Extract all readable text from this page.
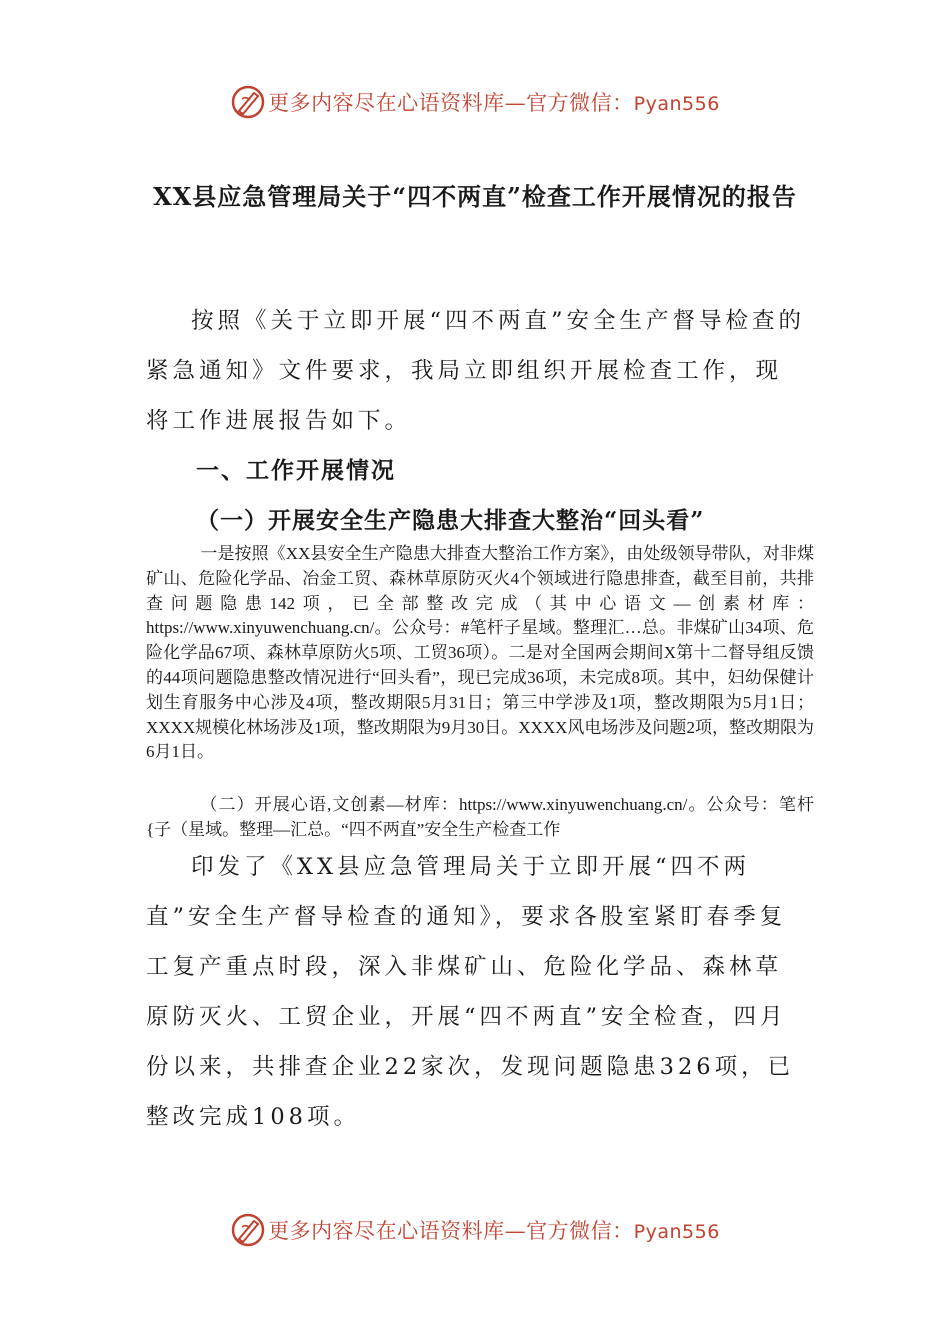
更多内容尽在心语资料库—官方微信：Pyan556
XX县应急管理局关于“四不两直”检查工作开展情况的报告
按照《关于立即开展“四不两直”安全生产督导检查的紧急通知》文件要求，我局立即组织开展检查工作，现将工作进展报告如下。
一、工作开展情况
（一）开展安全生产隐患大排查大整治“回头看”
一是按照《XX县安全生产隐患大排查大整治工作方案》，由处级领导带队，对非煤矿山、危险化学品、冶金工贸、森林草原防灭火4个领域进行隐患排查，截至目前，共排查问题隐患142项，已全部整改完成（其中心语文—创素材库：https://www.xinyuwenchuang.cn/。公众号：#笔杆子星域。整理汇…总。非煤矿山34项、危险化学品67项、森林草原防火5项、工贸36项）。二是对全国两会期间X第十二督导组反馈的44项问题隐患整改情况进行“回头看”，现已完成36项，未完成8项。其中，妇幼保健计划生育服务中心涉及4项，整改期限5月31日；第三中学涉及1项，整改期限为5月1日；XXXX规模化林场涉及1项，整改期限为9月30日。XXXX风电场涉及问题2项，整改期限为6月1日。
（二）开展心语,文创素—材库：https://www.xinyuwenchuang.cn/。公众号：笔杆{子（星域。整理—汇总。“四不两直”安全生产检查工作
印发了《XX县应急管理局关于立即开展“四不两直”安全生产督导检查的通知》，要求各股室紧盯春季复工复产重点时段，深入非煤矿山、危险化学品、森林草原防灭火、工贸企业，开展“四不两直”安全检查，四月份以来，共排查企业22家次，发现问题隐患326项，已整改完成108项。
更多内容尽在心语资料库—官方微信：Pyan556
